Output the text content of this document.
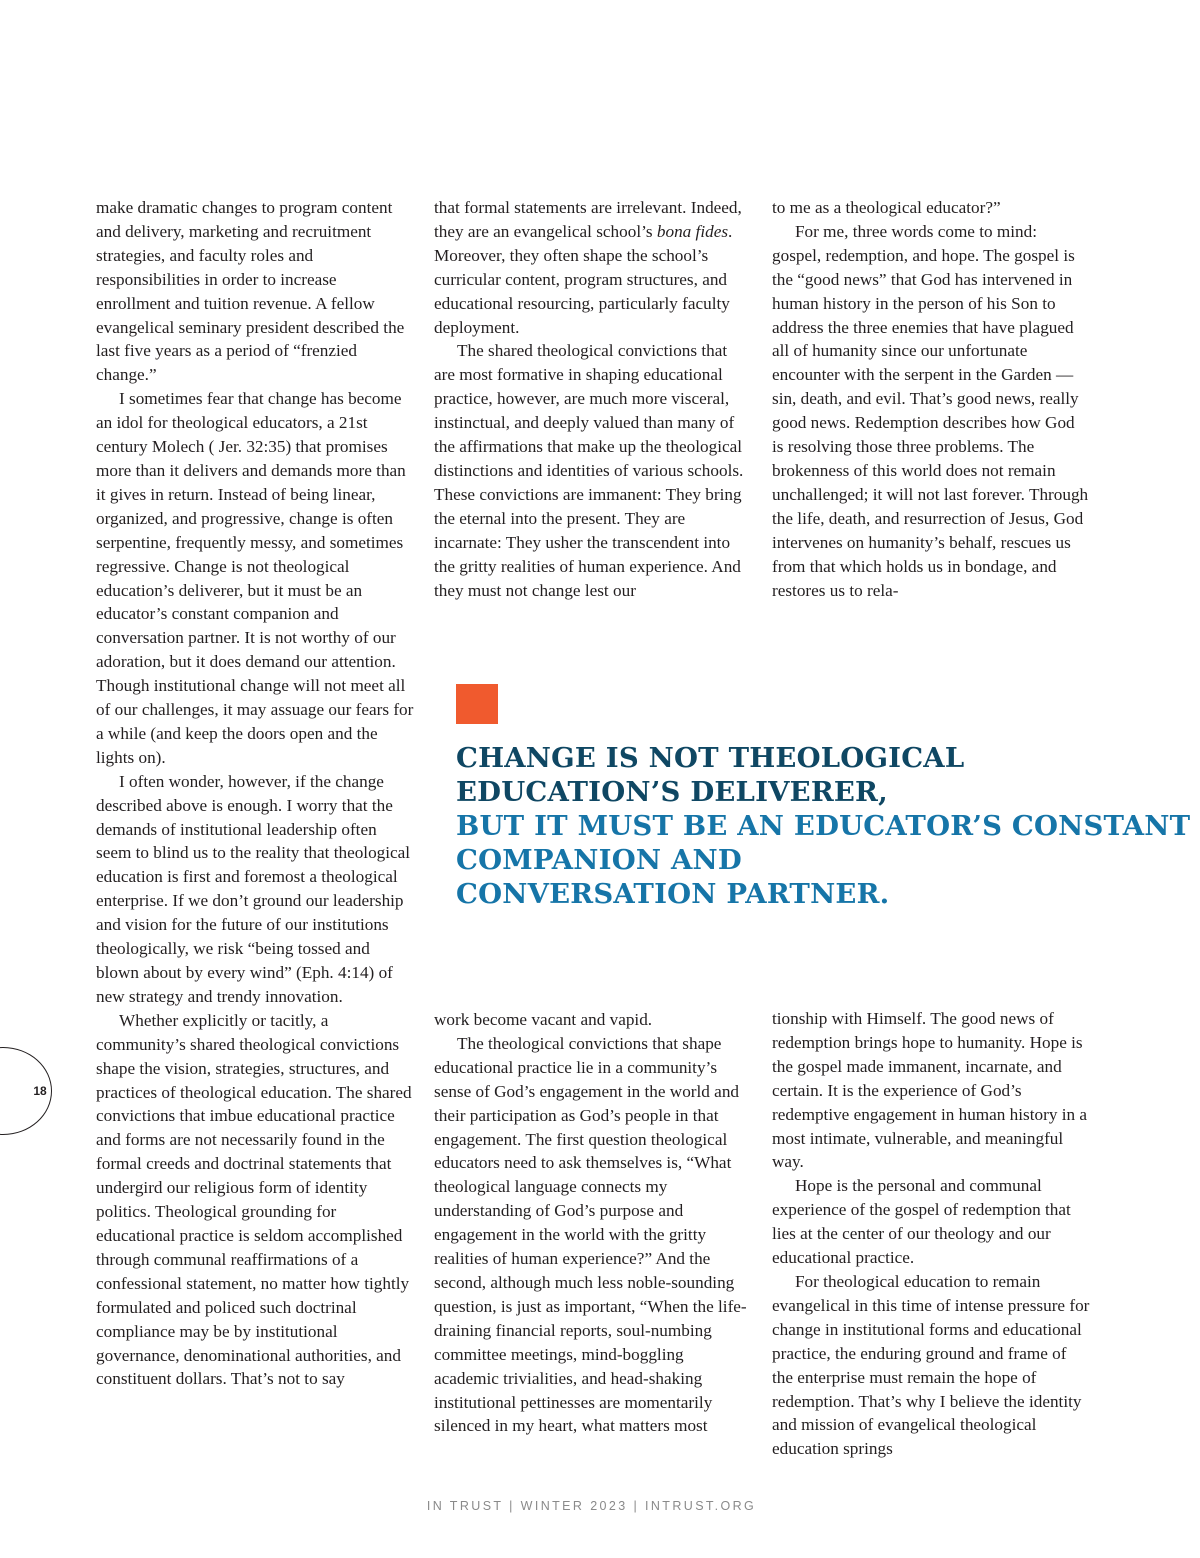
make dramatic changes to program content and delivery, marketing and recruitment strategies, and faculty roles and responsibilities in order to increase enrollment and tuition revenue. A fellow evangelical seminary president described the last five years as a period of “frenzied change.”

I sometimes fear that change has become an idol for theological educators, a 21st century Molech ( Jer. 32:35) that promises more than it delivers and demands more than it gives in return. Instead of being linear, organized, and progressive, change is often serpentine, frequently messy, and sometimes regressive. Change is not theological education’s deliverer, but it must be an educator’s constant companion and conversation partner. It is not worthy of our adoration, but it does demand our attention. Though institutional change will not meet all of our challenges, it may assuage our fears for a while (and keep the doors open and the lights on).

I often wonder, however, if the change described above is enough. I worry that the demands of institutional leadership often seem to blind us to the reality that theological education is first and foremost a theological enterprise. If we don’t ground our leadership and vision for the future of our institutions theologically, we risk “being tossed and blown about by every wind” (Eph. 4:14) of new strategy and trendy innovation.

Whether explicitly or tacitly, a community’s shared theological convictions shape the vision, strategies, structures, and practices of theological education. The shared convictions that imbue educational practice and forms are not necessarily found in the formal creeds and doctrinal statements that undergird our religious form of identity politics. Theological grounding for educational practice is seldom accomplished through communal reaffirmations of a confessional statement, no matter how tightly formulated and policed such doctrinal compliance may be by institutional governance, denominational authorities, and constituent dollars. That’s not to say

that formal statements are irrelevant. Indeed, they are an evangelical school’s bona fides. Moreover, they often shape the school’s curricular content, program structures, and educational resourcing, particularly faculty deployment.

The shared theological convictions that are most formative in shaping educational practice, however, are much more visceral, instinctual, and deeply valued than many of the affirmations that make up the theological distinctions and identities of various schools. These convictions are immanent: They bring the eternal into the present. They are incarnate: They usher the transcendent into the gritty realities of human experience. And they must not change lest our

to me as a theological educator?”

For me, three words come to mind: gospel, redemption, and hope. The gospel is the “good news” that God has intervened in human history in the person of his Son to address the three enemies that have plagued all of humanity since our unfortunate encounter with the serpent in the Garden — sin, death, and evil. That’s good news, really good news. Redemption describes how God is resolving those three problems. The brokenness of this world does not remain unchallenged; it will not last forever. Through the life, death, and resurrection of Jesus, God intervenes on humanity’s behalf, rescues us from that which holds us in bondage, and restores us to rela-

CHANGE IS NOT THEOLOGICAL
EDUCATION’S DELIVERER,
BUT IT MUST BE AN EDUCATOR’S CONSTANT
COMPANION AND
CONVERSATION PARTNER.

work become vacant and vapid.

The theological convictions that shape educational practice lie in a community’s sense of God’s engagement in the world and their participation as God’s people in that engagement. The first question theological educators need to ask themselves is, “What theological language connects my understanding of God’s purpose and engagement in the world with the gritty realities of human experience?” And the second, although much less noble-sounding question, is just as important, “When the life-draining financial reports, soul-numbing committee meetings, mind-boggling academic trivialities, and head-shaking institutional pettinesses are momentarily silenced in my heart, what matters most

tionship with Himself. The good news of redemption brings hope to humanity. Hope is the gospel made immanent, incarnate, and certain. It is the experience of God’s redemptive engagement in human history in a most intimate, vulnerable, and meaningful way.

Hope is the personal and communal experience of the gospel of redemption that lies at the center of our theology and our educational practice.

For theological education to remain evangelical in this time of intense pressure for change in institutional forms and educational practice, the enduring ground and frame of the enterprise must remain the hope of redemption. That’s why I believe the identity and mission of evangelical theological education springs

18
IN TRUST | WINTER 2023 | INTRUST.ORG
